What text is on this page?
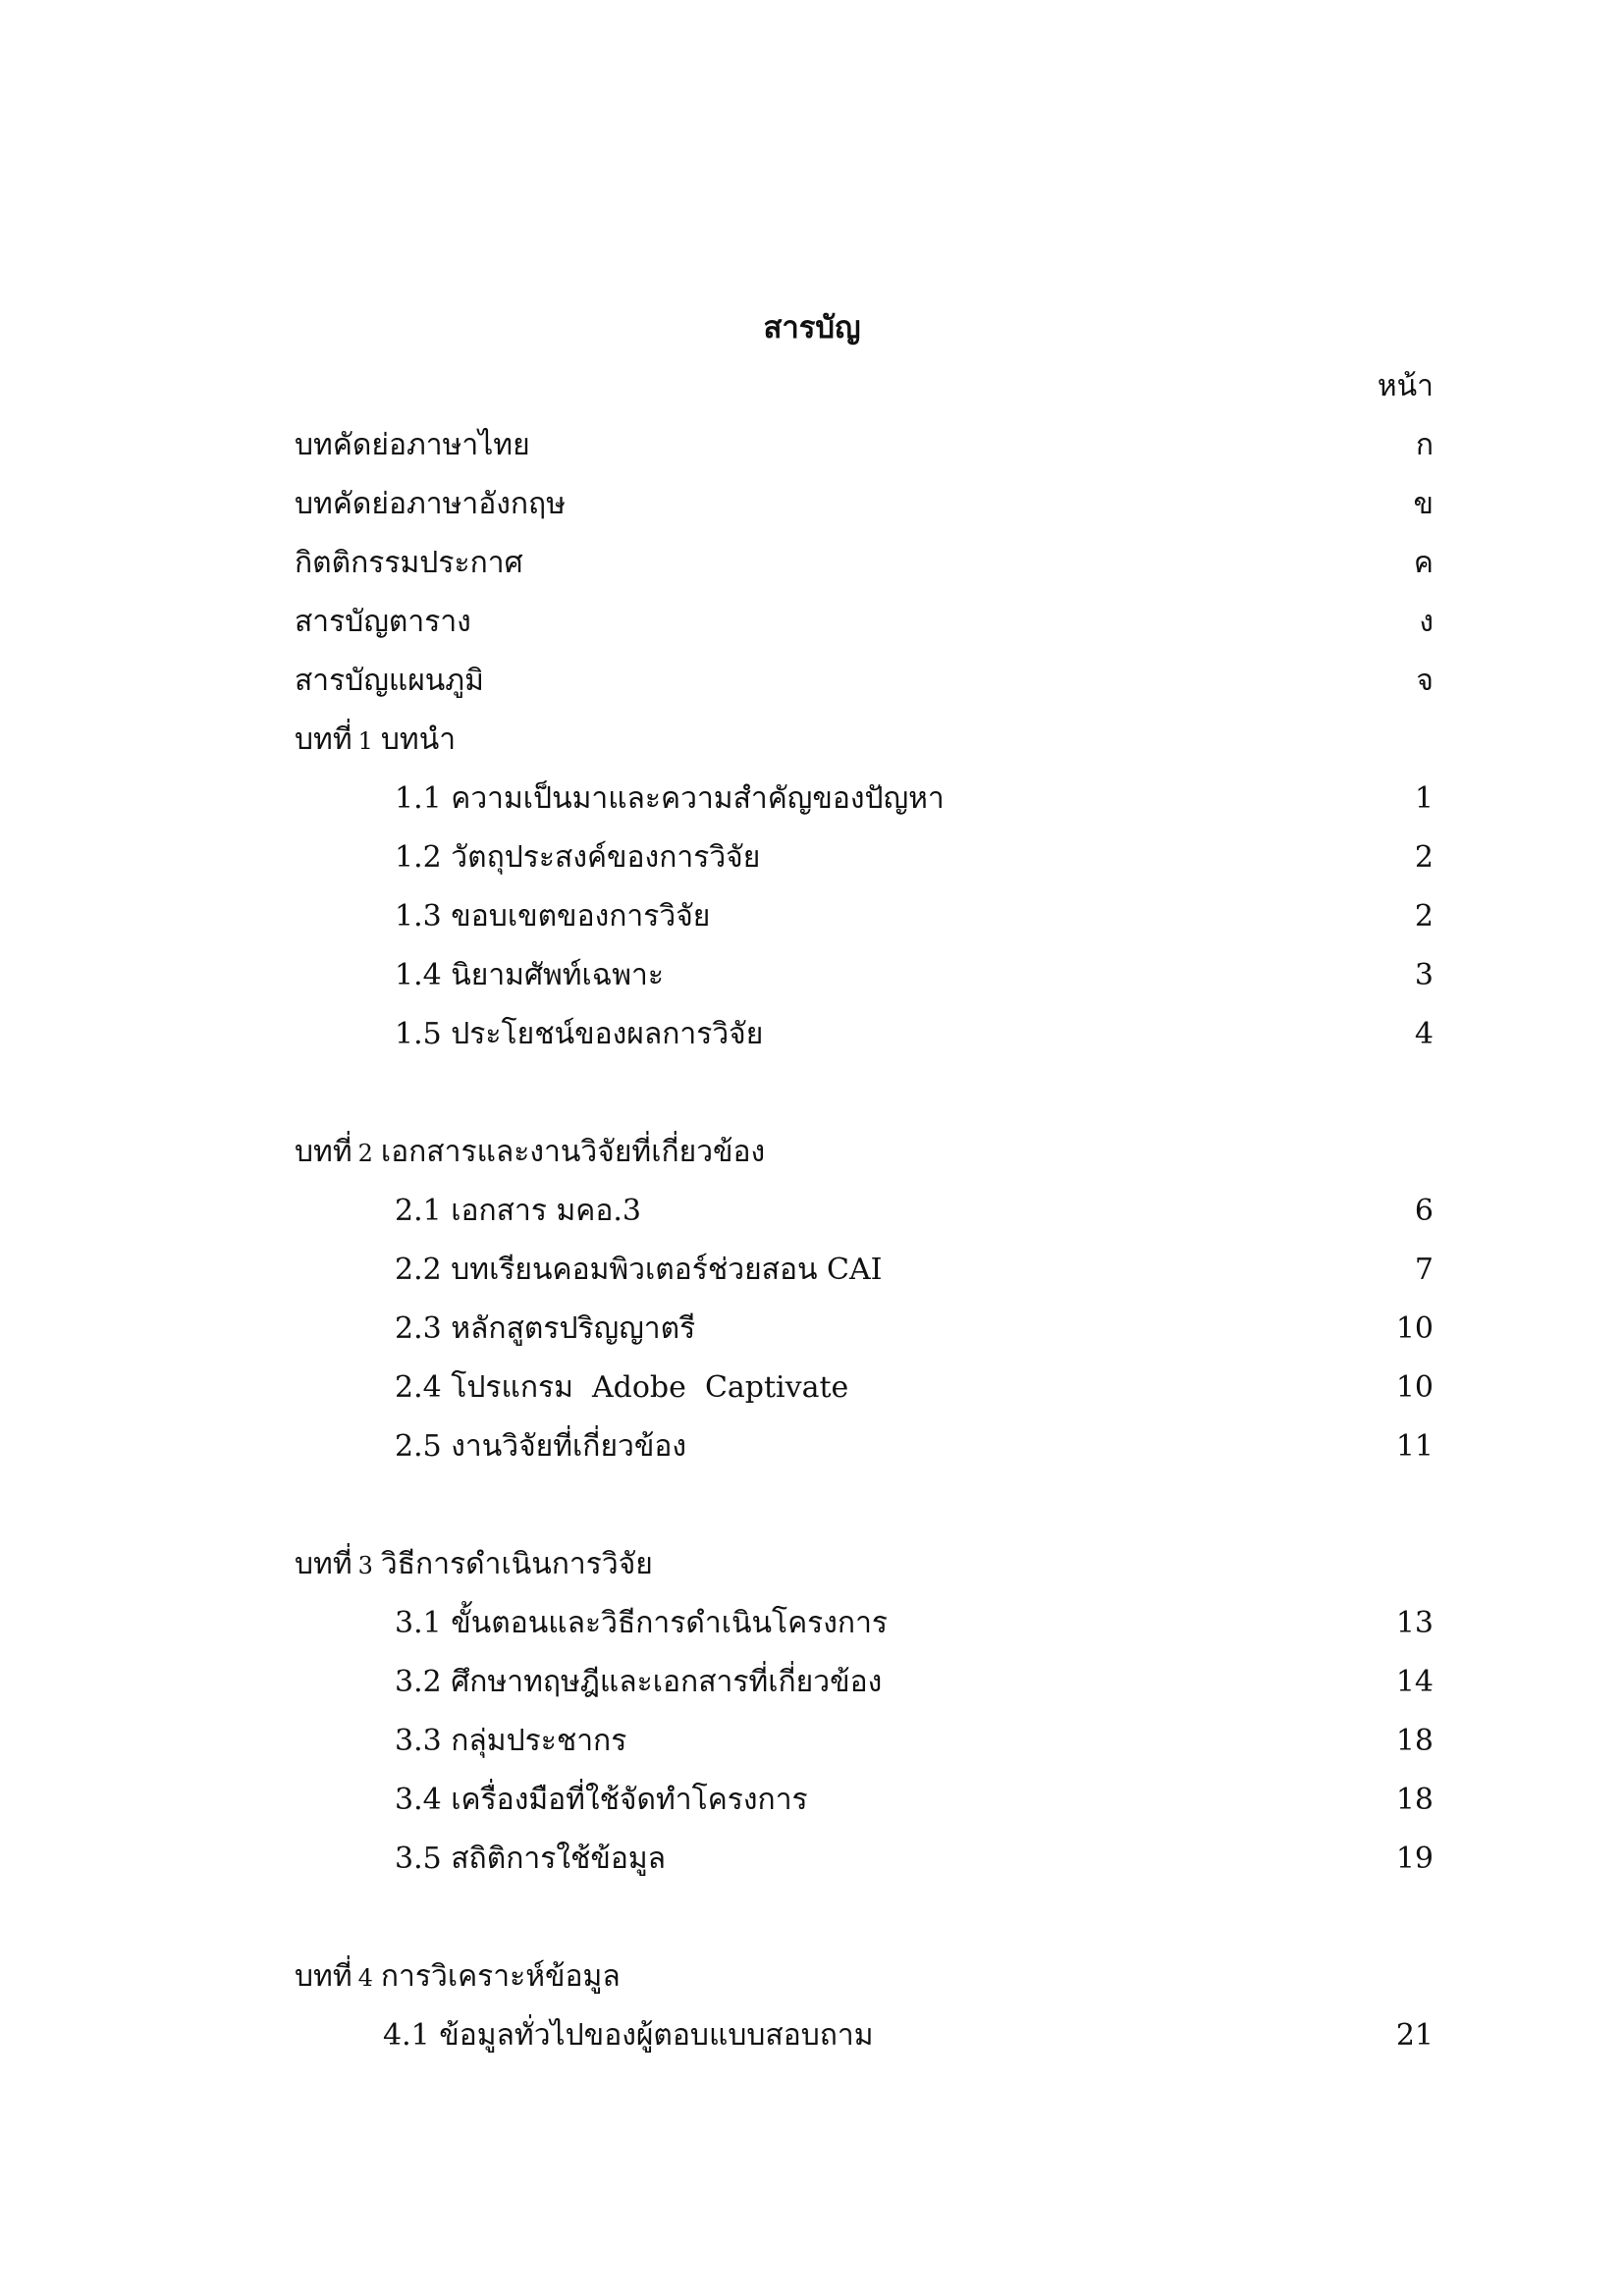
สารบัญ
หน้า
บทคัดย่อภาษาไทย	ก
บทคัดย่อภาษาอังกฤษ	ข
กิตติกรรมประกาศ	ค
สารบัญตาราง	ง
สารบัญแผนภูมิ	จ
บทที่ 1 บทนำ
1.1 ความเป็นมาและความสำคัญของปัญหา	1
1.2 วัตถุประสงค์ของการวิจัย	2
1.3 ขอบเขตของการวิจัย	2
1.4 นิยามศัพท์เฉพาะ	3
1.5 ประโยชน์ของผลการวิจัย	4
บทที่ 2 เอกสารและงานวิจัยที่เกี่ยวข้อง
2.1 เอกสาร มคอ.3	6
2.2 บทเรียนคอมพิวเตอร์ช่วยสอน CAI	7
2.3 หลักสูตรปริญญาตรี	10
2.4 โปรแกรม  Adobe  Captivate	10
2.5 งานวิจัยที่เกี่ยวข้อง	11
บทที่ 3 วิธีการดำเนินการวิจัย
3.1 ขั้นตอนและวิธีการดำเนินโครงการ	13
3.2 ศึกษาทฤษฎีและเอกสารที่เกี่ยวข้อง	14
3.3 กลุ่มประชากร	18
3.4 เครื่องมือที่ใช้จัดทำโครงการ	18
3.5 สถิติการใช้ข้อมูล	19
บทที่ 4 การวิเคราะห์ข้อมูล
4.1 ข้อมูลทั่วไปของผู้ตอบแบบสอบถาม	21
